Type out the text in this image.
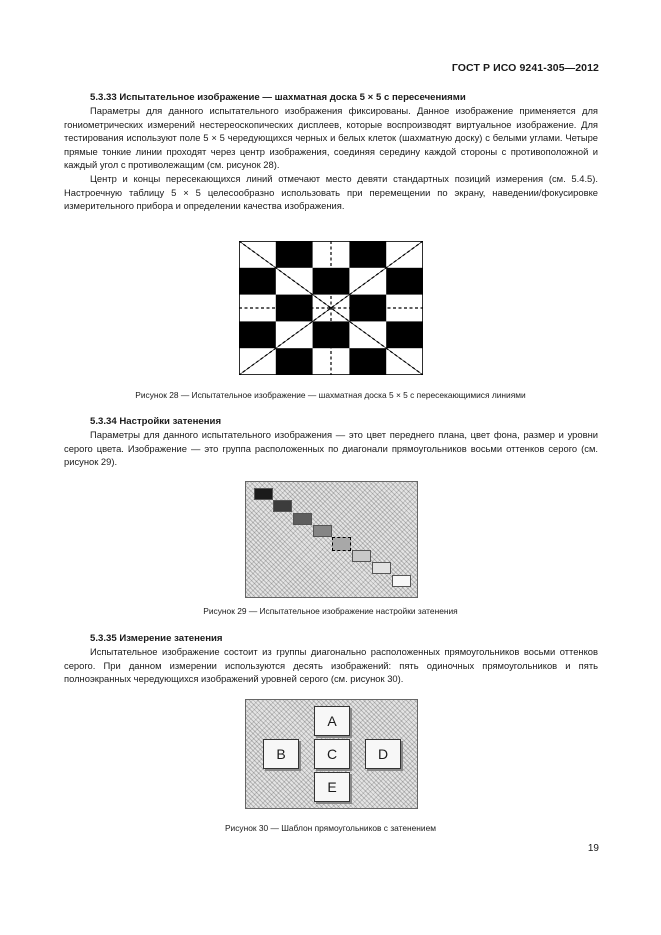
ГОСТ Р ИСО 9241-305—2012
5.3.33 Испытательное изображение — шахматная доска 5 × 5 с пересечениями

Параметры для данного испытательного изображения фиксированы. Данное изображение применяется для гониометрических измерений нестереоскопических дисплеев, которые воспроизводят виртуальное изображение. Для тестирования используют поле 5 × 5 чередующихся черных и белых клеток (шахматную доску) с белыми углами. Четыре прямые тонкие линии проходят через центр изображения, соединяя середину каждой стороны с противоположной и каждый угол с противолежащим (см. рисунок 28).

Центр и концы пересекающихся линий отмечают место девяти стандартных позиций измерения (см. 5.4.5). Настроечную таблицу 5 × 5 целесообразно использовать при перемещении по экрану, наведении/фокусировке измерительного прибора и определении качества изображения.

Рисунок 28 — Испытательное изображение — шахматная доска 5 × 5 с пересекающимися линиями
5.3.34 Настройки затенения

Параметры для данного испытательного изображения — это цвет переднего плана, цвет фона, размер и уровни серого цвета. Изображение — это группа расположенных по диагонали прямоугольников восьми оттенков серого (см. рисунок 29).

Рисунок 29 — Испытательное изображение настройки затенения
5.3.35 Измерение затенения

Испытательное изображение состоит из группы диагонально расположенных прямоугольников восьми оттенков серого. При данном измерении используются десять изображений: пять одиночных прямоугольников и пять полноэкранных чередующихся изображений уровней серого (см. рисунок 30).

A
B	C	D
E
Рисунок 30 — Шаблон прямоугольников с затенением
19
